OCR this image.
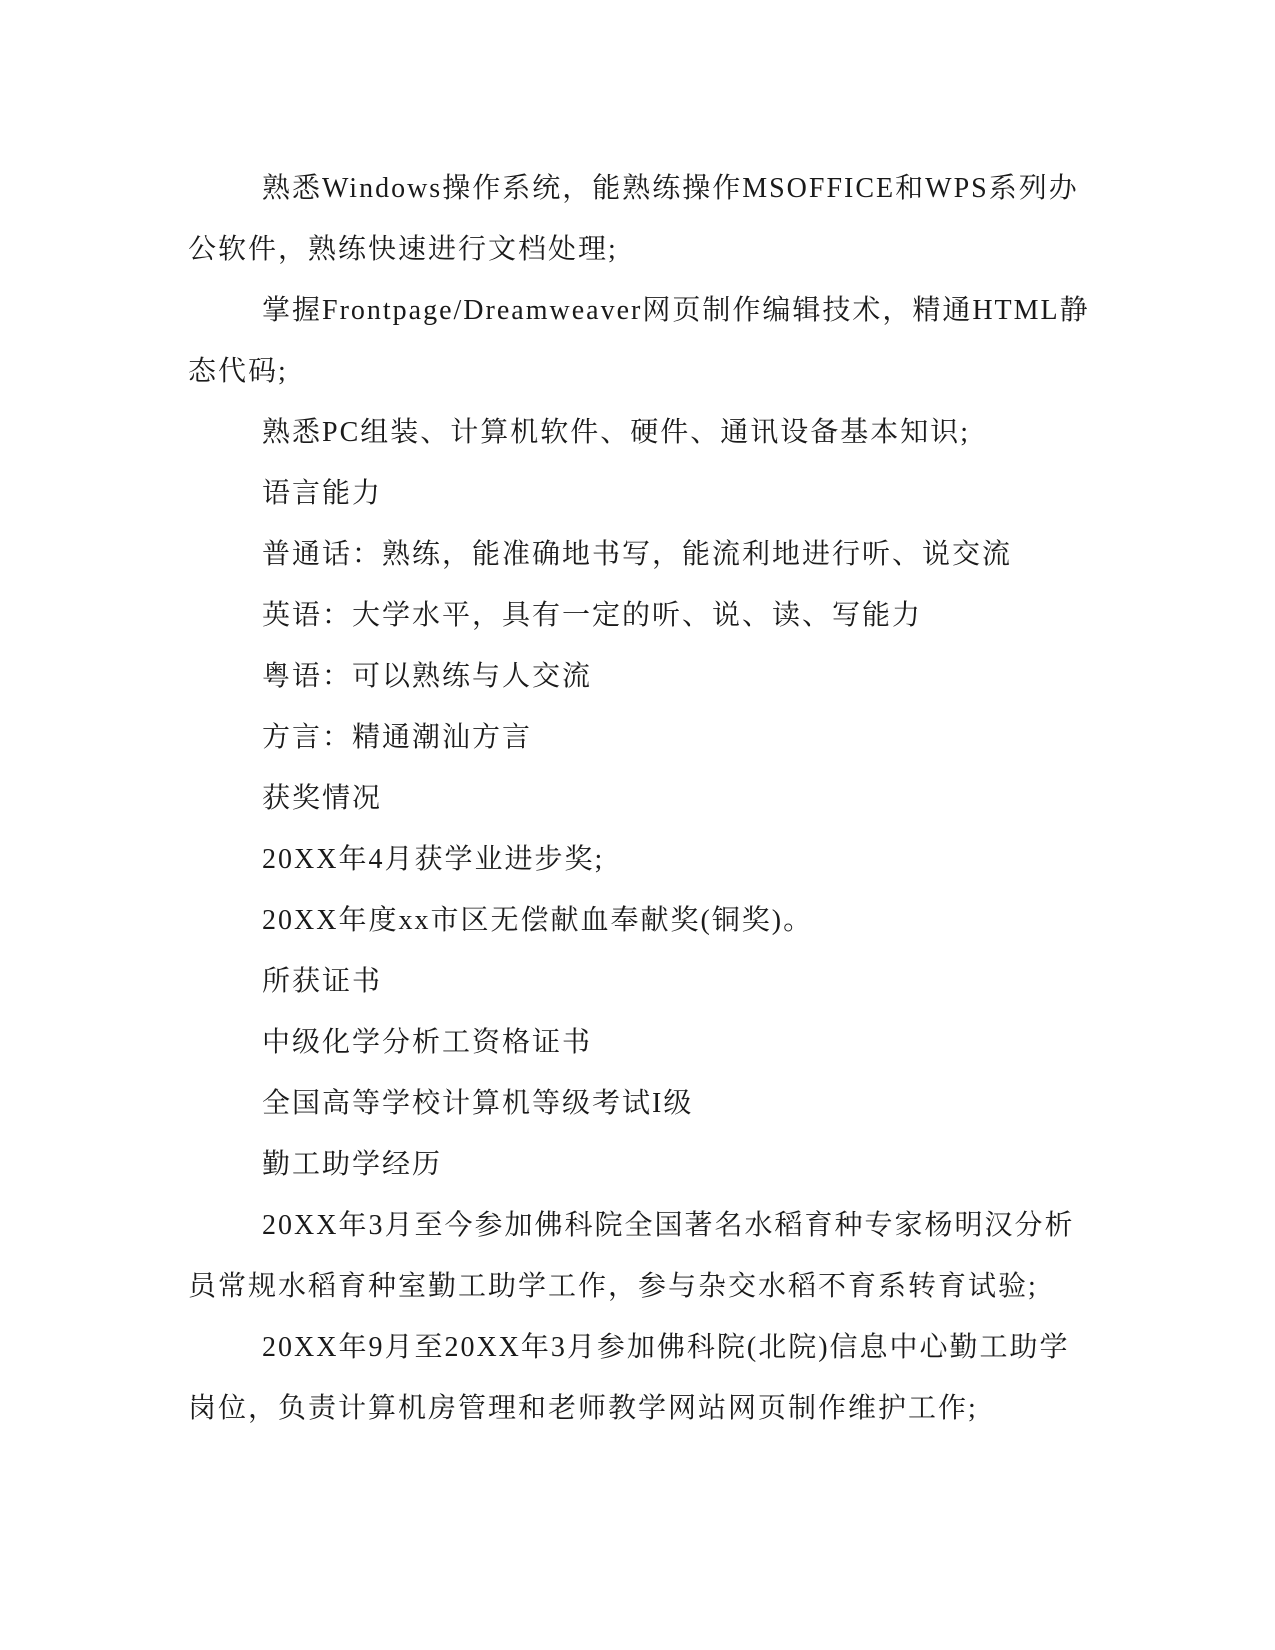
熟悉Windows操作系统，能熟练操作MSOFFICE和WPS系列办
公软件，熟练快速进行文档处理;
掌握Frontpage/Dreamweaver网页制作编辑技术，精通HTML静
态代码;
熟悉PC组装、计算机软件、硬件、通讯设备基本知识;
语言能力
普通话：熟练，能准确地书写，能流利地进行听、说交流
英语：大学水平，具有一定的听、说、读、写能力
粤语：可以熟练与人交流
方言：精通潮汕方言
获奖情况
20XX年4月获学业进步奖;
20XX年度xx市区无偿献血奉献奖(铜奖)。
所获证书
中级化学分析工资格证书
全国高等学校计算机等级考试I级
勤工助学经历
20XX年3月至今参加佛科院全国著名水稻育种专家杨明汉分析
员常规水稻育种室勤工助学工作，参与杂交水稻不育系转育试验;
20XX年9月至20XX年3月参加佛科院(北院)信息中心勤工助学
岗位，负责计算机房管理和老师教学网站网页制作维护工作;
